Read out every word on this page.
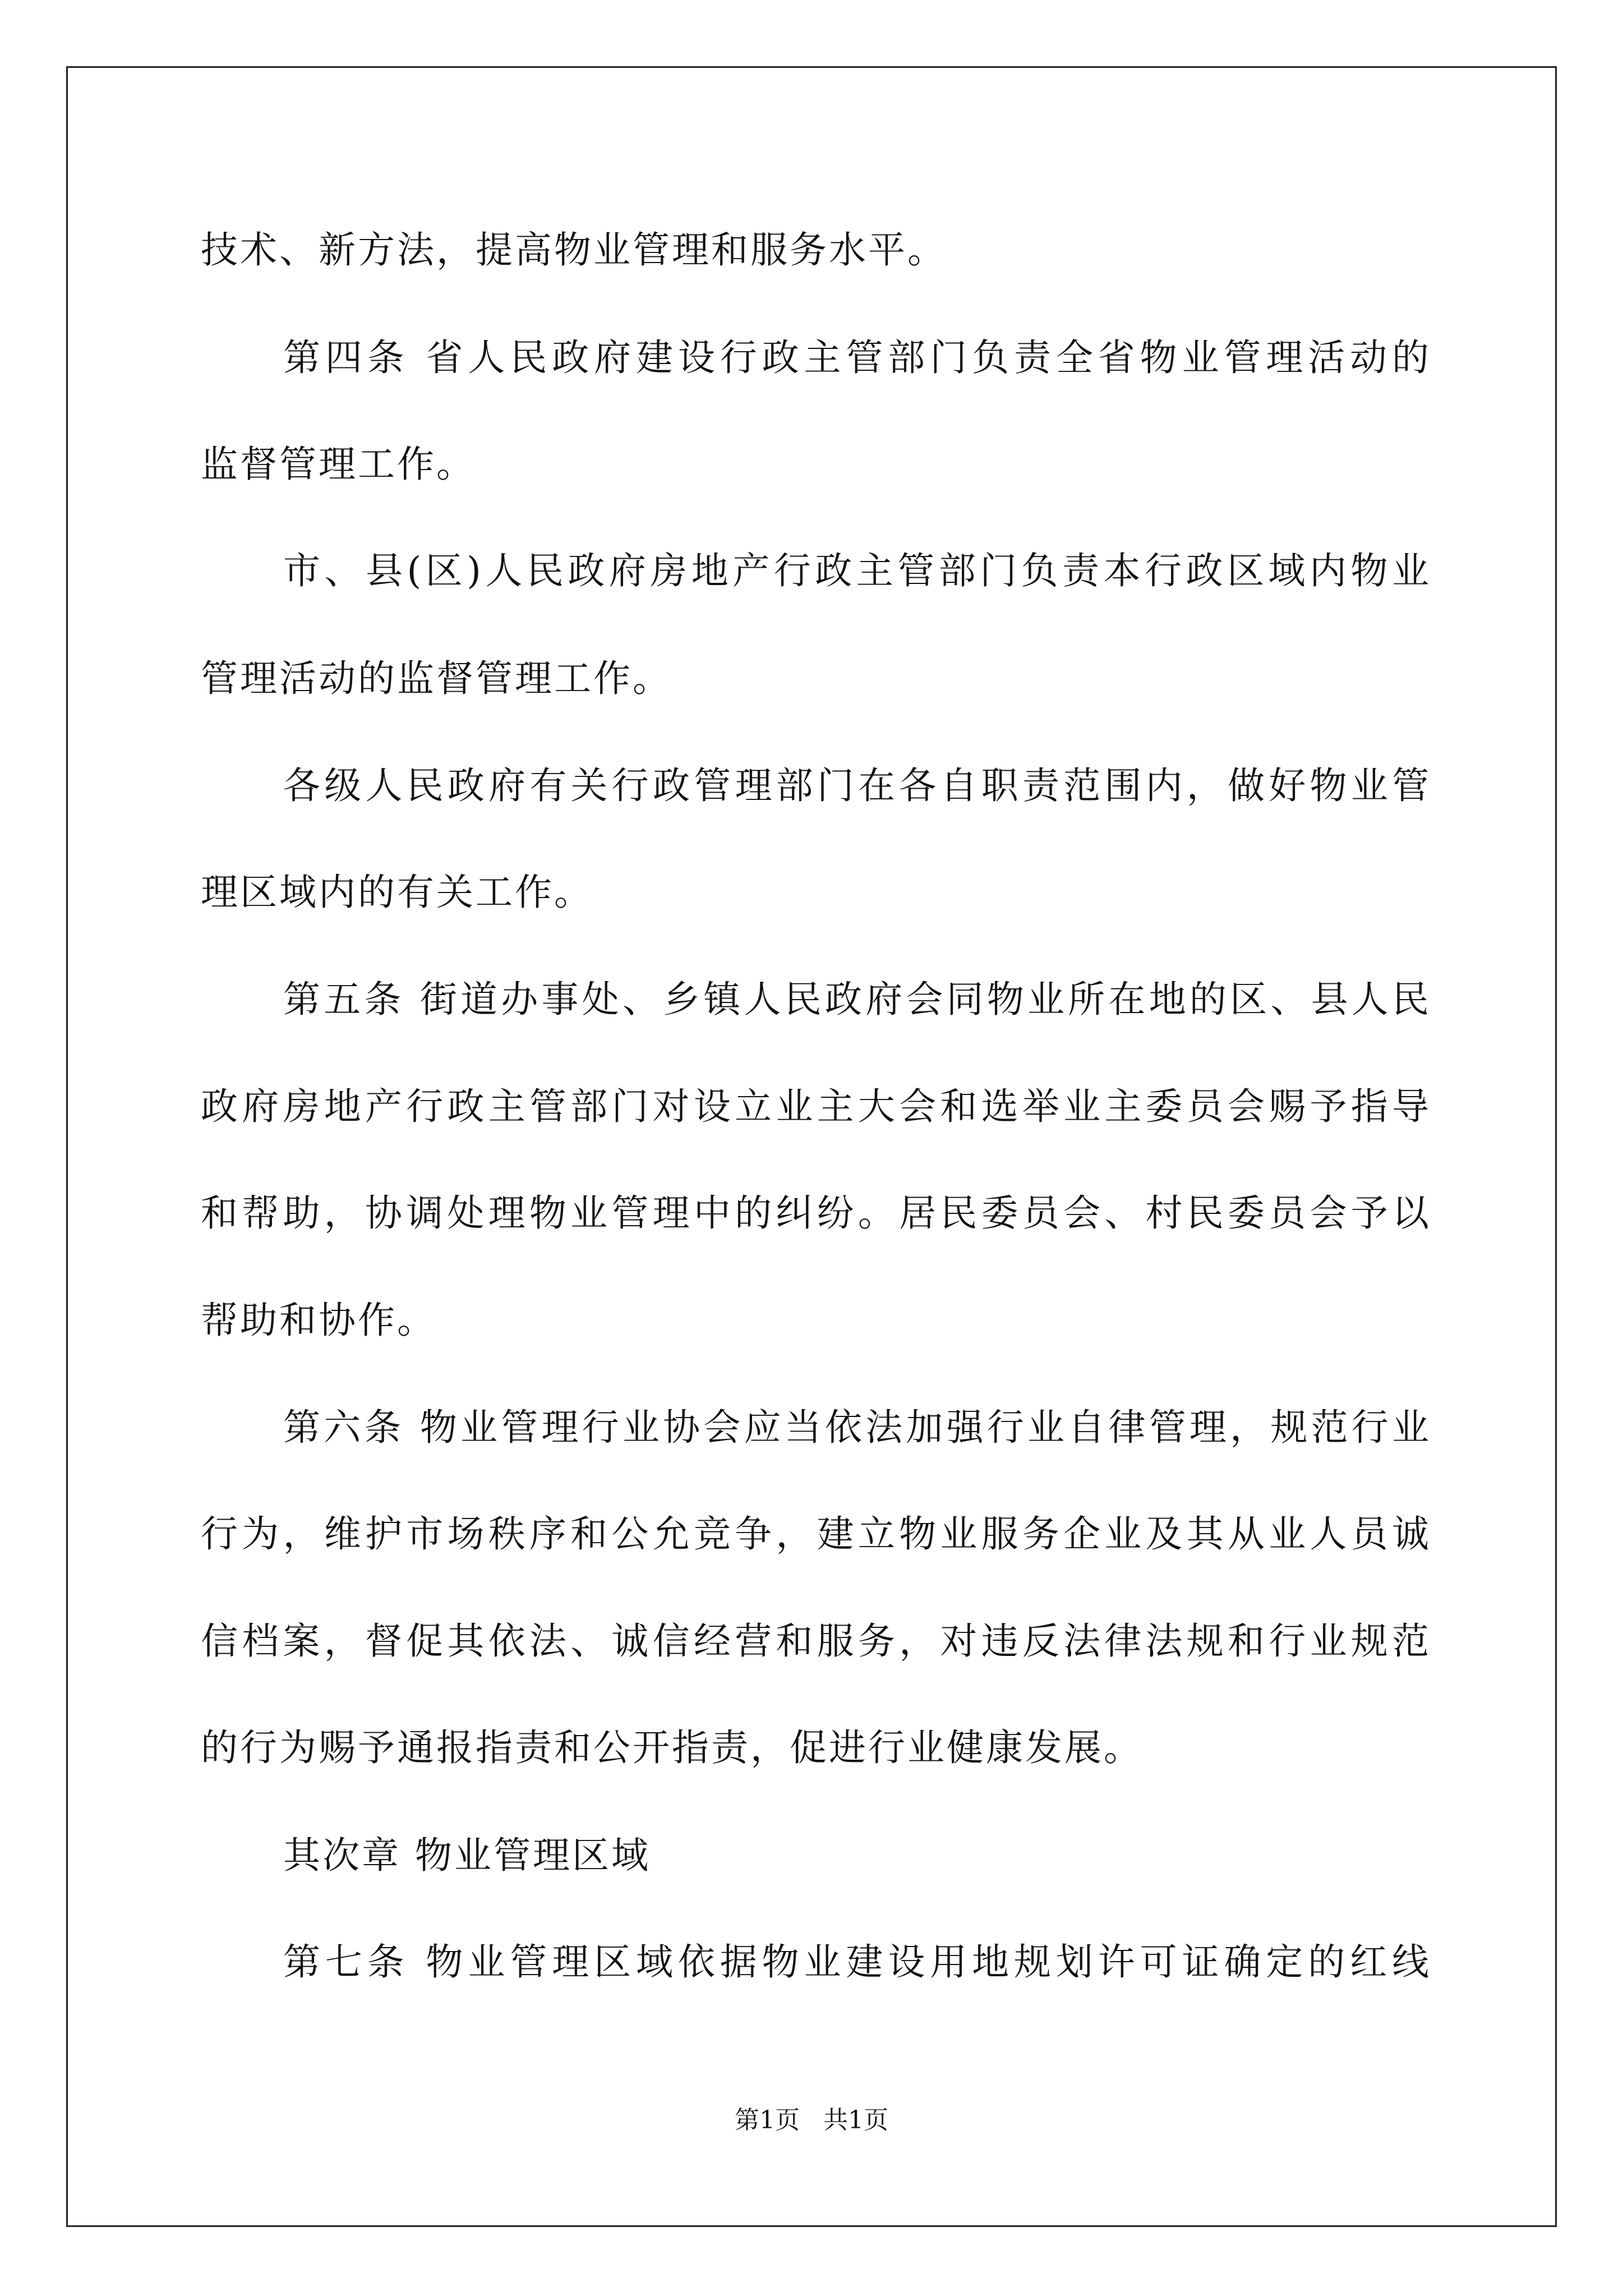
技术、新方法，提高物业管理和服务水平。
第四条 省人民政府建设行政主管部门负责全省物业管理活动的
监督管理工作。
市、县(区)人民政府房地产行政主管部门负责本行政区域内物业
管理活动的监督管理工作。
各级人民政府有关行政管理部门在各自职责范围内，做好物业管
理区域内的有关工作。
第五条 街道办事处、乡镇人民政府会同物业所在地的区、县人民
政府房地产行政主管部门对设立业主大会和选举业主委员会赐予指导
和帮助，协调处理物业管理中的纠纷。居民委员会、村民委员会予以
帮助和协作。
第六条 物业管理行业协会应当依法加强行业自律管理，规范行业
行为，维护市场秩序和公允竞争，建立物业服务企业及其从业人员诚
信档案，督促其依法、诚信经营和服务，对违反法律法规和行业规范
的行为赐予通报指责和公开指责，促进行业健康发展。
其次章 物业管理区域
第七条 物业管理区域依据物业建设用地规划许可证确定的红线
第1页   共1页
